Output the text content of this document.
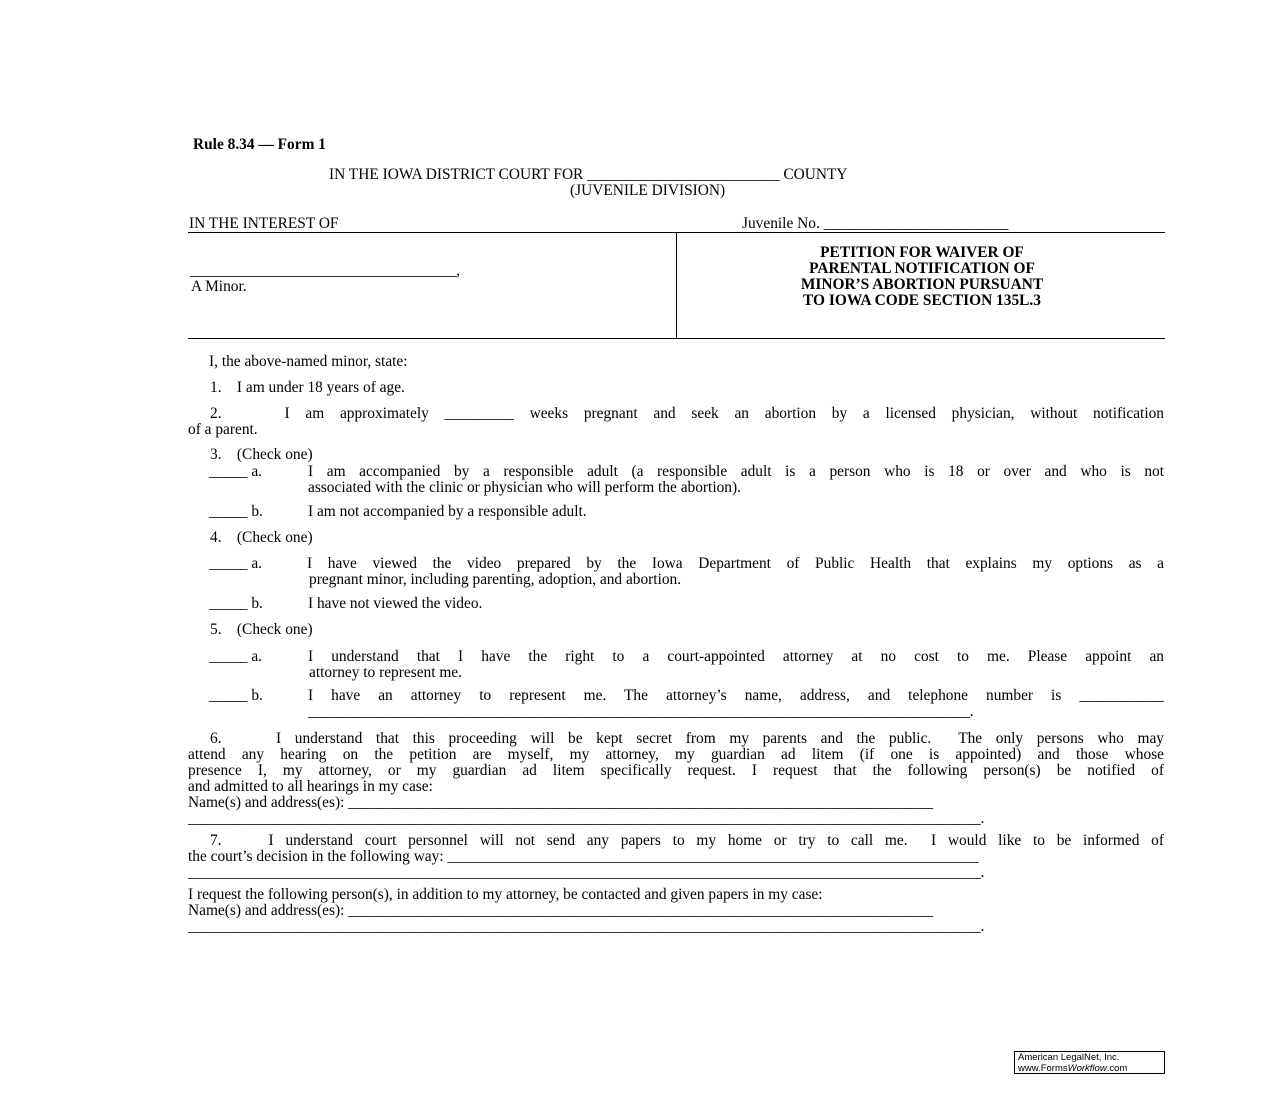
Rule 8.34 — Form 1
IN THE IOWA DISTRICT COURT FOR _________________________ COUNTY
(JUVENILE DIVISION)
IN THE INTEREST OF	Juvenile No. ________________________
____________________________________,
A Minor.
PETITION FOR WAIVER OF
PARENTAL NOTIFICATION OF
MINOR’S ABORTION PURSUANT
TO IOWA CODE SECTION 135L.3
I, the above-named minor, state:
1.    I am under 18 years of age.
2.    I am approximately _________ weeks pregnant and seek an abortion by a licensed physician, without notification
of a parent.
3.    (Check one)
_____ a.	I am accompanied by a responsible adult (a responsible adult is a person who is 18 or over and who is not
associated with the clinic or physician who will perform the abortion).
_____ b.	I am not accompanied by a responsible adult.
4.    (Check one)
_____ a.	I have viewed the video prepared by the Iowa Department of Public Health that explains my options as a
pregnant minor, including parenting, adoption, and abortion.
_____ b.	I have not viewed the video.
5.    (Check one)
_____ a.	I understand that I have the right to a court-appointed attorney at no cost to me. Please appoint an
attorney to represent me.
_____ b.	I have an attorney to represent me. The attorney’s name, address, and telephone number is ___________
______________________________________________________________________________________.
6.    I understand that this proceeding will be kept secret from my parents and the public.  The only persons who may
attend any hearing on the petition are myself, my attorney, my guardian ad litem (if one is appointed) and those whose
presence I, my attorney, or my guardian ad litem specifically request. I request that the following person(s) be notified of
and admitted to all hearings in my case:
Name(s) and address(es): ____________________________________________________________________________
_______________________________________________________________________________________________________.
7.    I understand court personnel will not send any papers to my home or try to call me.  I would like to be informed of
the court’s decision in the following way: _____________________________________________________________________
_______________________________________________________________________________________________________.
I request the following person(s), in addition to my attorney, be contacted and given papers in my case:
Name(s) and address(es): ____________________________________________________________________________
_______________________________________________________________________________________________________.
American LegalNet, Inc.
www.FormsWorkflow.com
